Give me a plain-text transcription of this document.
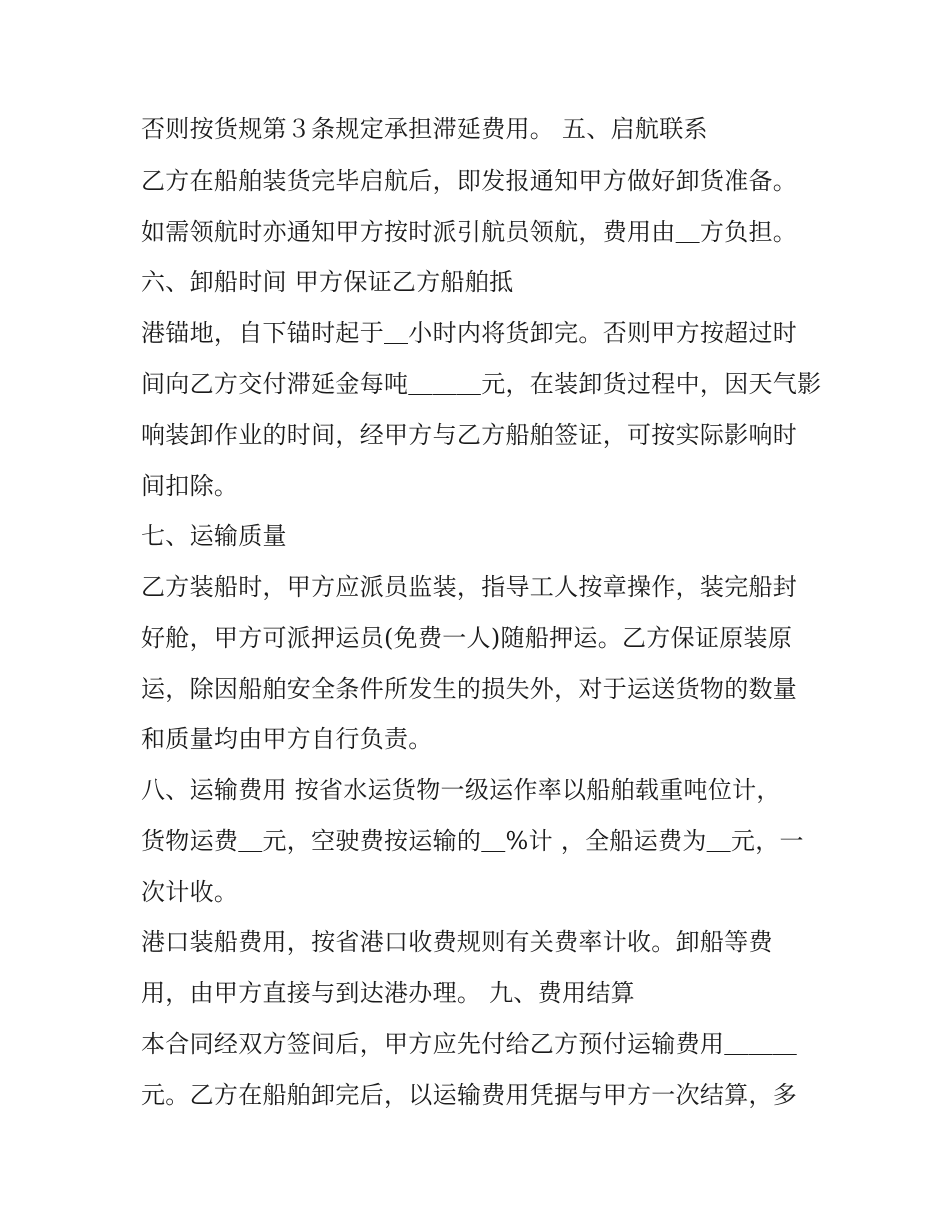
否则按货规第３条规定承担滞延费用。 五、启航联系
乙方在船舶装货完毕启航后，即发报通知甲方做好卸货准备。
如需领航时亦通知甲方按时派引航员领航，费用由＿方负担。
六、卸船时间 甲方保证乙方船舶抵
港锚地，自下锚时起于＿小时内将货卸完。否则甲方按超过时
间向乙方交付滞延金每吨＿＿＿元，在装卸货过程中，因天气影
响装卸作业的时间，经甲方与乙方船舶签证，可按实际影响时
间扣除。
七、运输质量
乙方装船时，甲方应派员监装，指导工人按章操作，装完船封
好舱，甲方可派押运员(免费一人)随船押运。乙方保证原装原
运，除因船舶安全条件所发生的损失外，对于运送货物的数量
和质量均由甲方自行负责。
八、运输费用 按省水运货物一级运作率以船舶载重吨位计，
货物运费＿元，空驶费按运输的＿%计 ，全船运费为＿元，一
次计收。
港口装船费用，按省港口收费规则有关费率计收。卸船等费
用，由甲方直接与到达港办理。 九、费用结算
本合同经双方签间后，甲方应先付给乙方预付运输费用＿＿＿
元。乙方在船舶卸完后，以运输费用凭据与甲方一次结算，多
